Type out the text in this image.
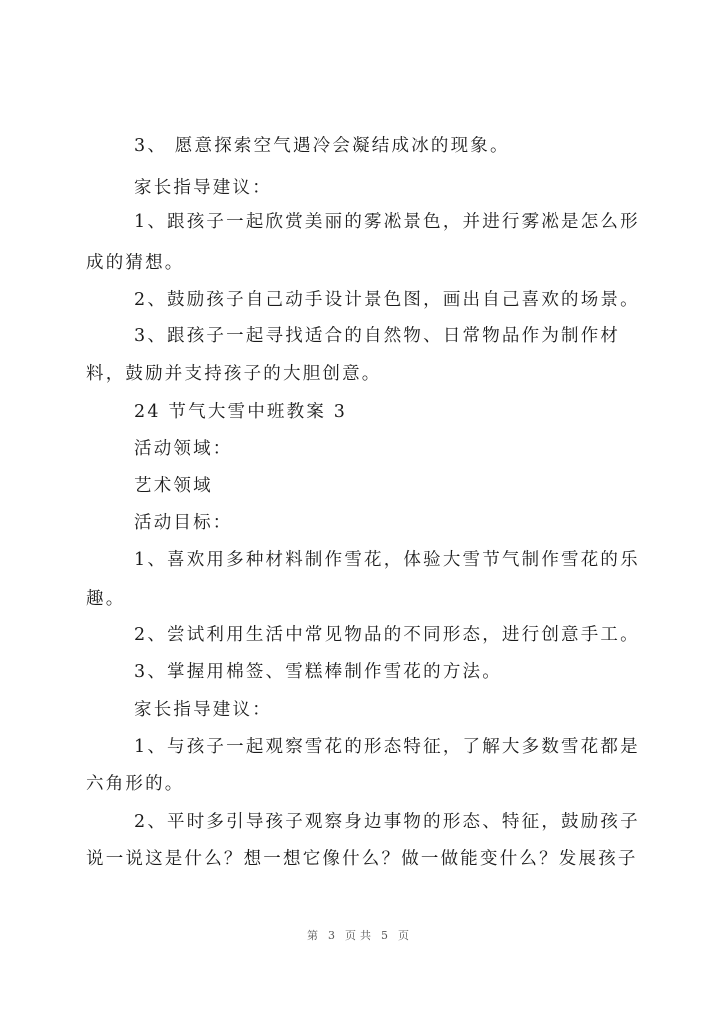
3、 愿意探索空气遇冷会凝结成冰的现象。
家长指导建议：
1、跟孩子一起欣赏美丽的雾凇景色，并进行雾凇是怎么形
成的猜想。
2、鼓励孩子自己动手设计景色图，画出自己喜欢的场景。
3、跟孩子一起寻找适合的自然物、日常物品作为制作材
料，鼓励并支持孩子的大胆创意。
24 节气大雪中班教案 3
活动领域：
艺术领域
活动目标：
1、喜欢用多种材料制作雪花，体验大雪节气制作雪花的乐
趣。
2、尝试利用生活中常见物品的不同形态，进行创意手工。
3、掌握用棉签、雪糕棒制作雪花的方法。
家长指导建议：
1、与孩子一起观察雪花的形态特征，了解大多数雪花都是
六角形的。
2、平时多引导孩子观察身边事物的形态、特征，鼓励孩子
说一说这是什么？想一想它像什么？做一做能变什么？发展孩子
第 3 页共 5 页
